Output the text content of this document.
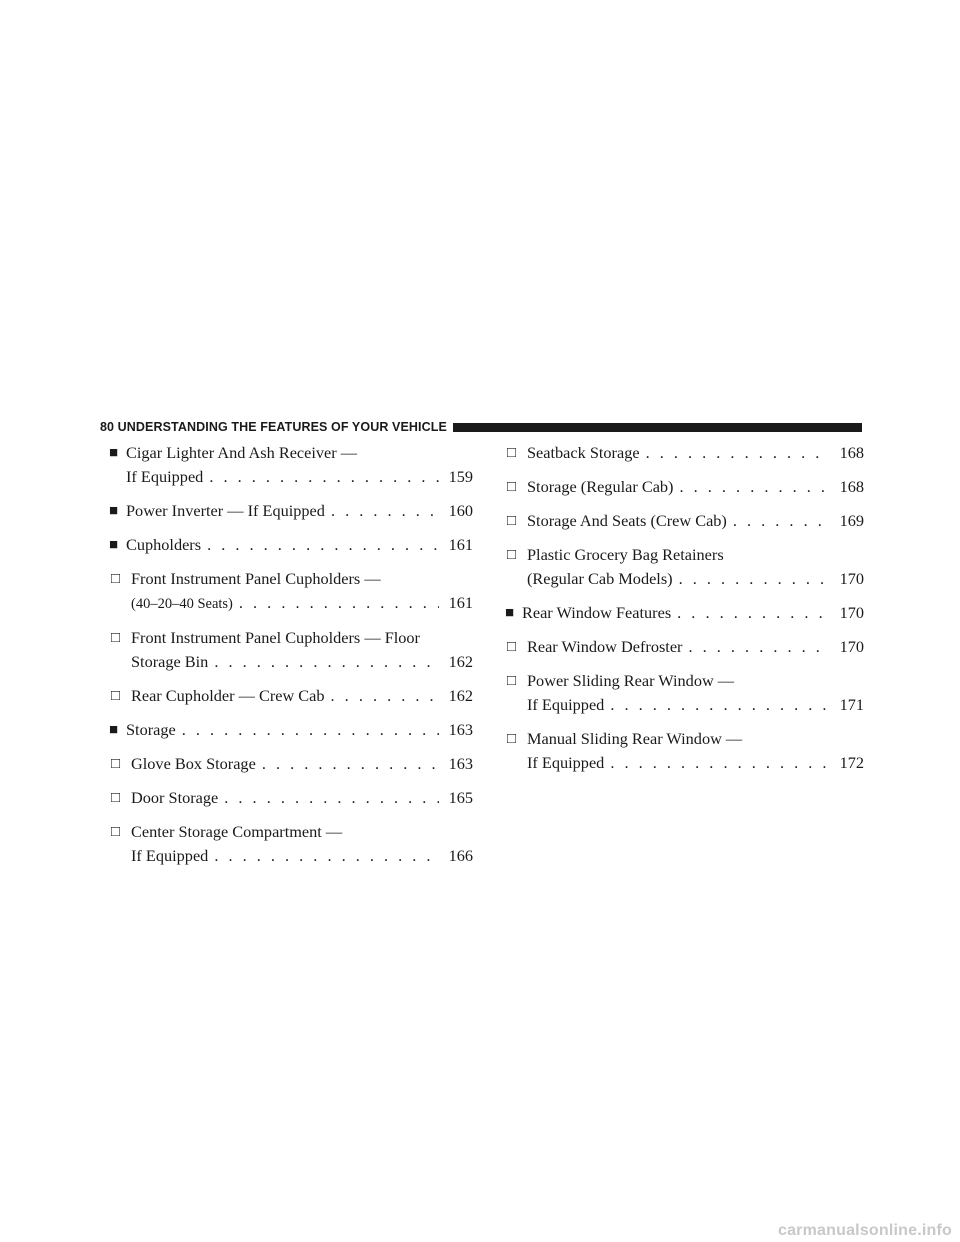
80 UNDERSTANDING THE FEATURES OF YOUR VEHICLE
■ Cigar Lighter And Ash Receiver —
If Equipped . . .	159
■ Power Inverter — If Equipped . . .	160
■ Cupholders . . .	161
□ Front Instrument Panel Cupholders —
(40–20–40 Seats) . . .	161
□ Front Instrument Panel Cupholders — Floor
Storage Bin . . .	162
□ Rear Cupholder — Crew Cab . . .	162
■ Storage . . .	163
□ Glove Box Storage . . .	163
□ Door Storage . . .	165
□ Center Storage Compartment —
If Equipped . . .	166
□ Seatback Storage . . .	168
□ Storage (Regular Cab) . . .	168
□ Storage And Seats (Crew Cab) . . .	169
□ Plastic Grocery Bag Retainers
(Regular Cab Models) . . .	170
■ Rear Window Features . . .	170
□ Rear Window Defroster . . .	170
□ Power Sliding Rear Window —
If Equipped . . .	171
□ Manual Sliding Rear Window —
If Equipped . . .	172
carmanualsonline.info
